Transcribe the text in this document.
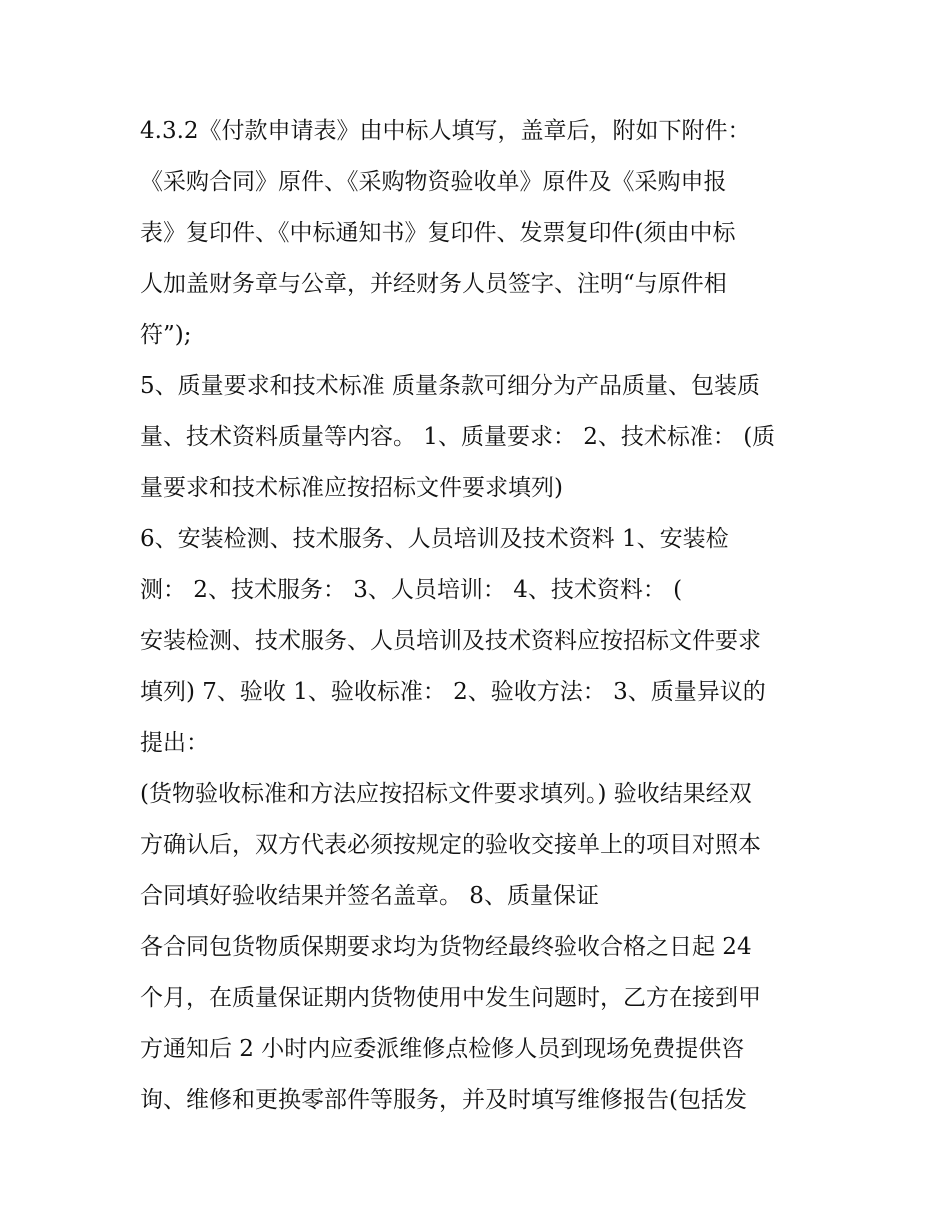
4.3.2《付款申请表》由中标人填写，盖章后，附如下附件：
《采购合同》原件、《采购物资验收单》原件及《采购申报
表》复印件、《中标通知书》复印件、发票复印件(须由中标
人加盖财务章与公章，并经财务人员签字、注明“与原件相
符”);
5、质量要求和技术标准 质量条款可细分为产品质量、包装质
量、技术资料质量等内容。 1、质量要求： 2、技术标准： (质
量要求和技术标准应按招标文件要求填列)
6、安装检测、技术服务、人员培训及技术资料 1、安装检
测： 2、技术服务： 3、人员培训： 4、技术资料： (
安装检测、技术服务、人员培训及技术资料应按招标文件要求
填列) 7、验收 1、验收标准： 2、验收方法： 3、质量异议的
提出：
(货物验收标准和方法应按招标文件要求填列。) 验收结果经双
方确认后，双方代表必须按规定的验收交接单上的项目对照本
合同填好验收结果并签名盖章。 8、质量保证
各合同包货物质保期要求均为货物经最终验收合格之日起 24
个月，在质量保证期内货物使用中发生问题时，乙方在接到甲
方通知后 2 小时内应委派维修点检修人员到现场免费提供咨
询、维修和更换零部件等服务，并及时填写维修报告(包括发
